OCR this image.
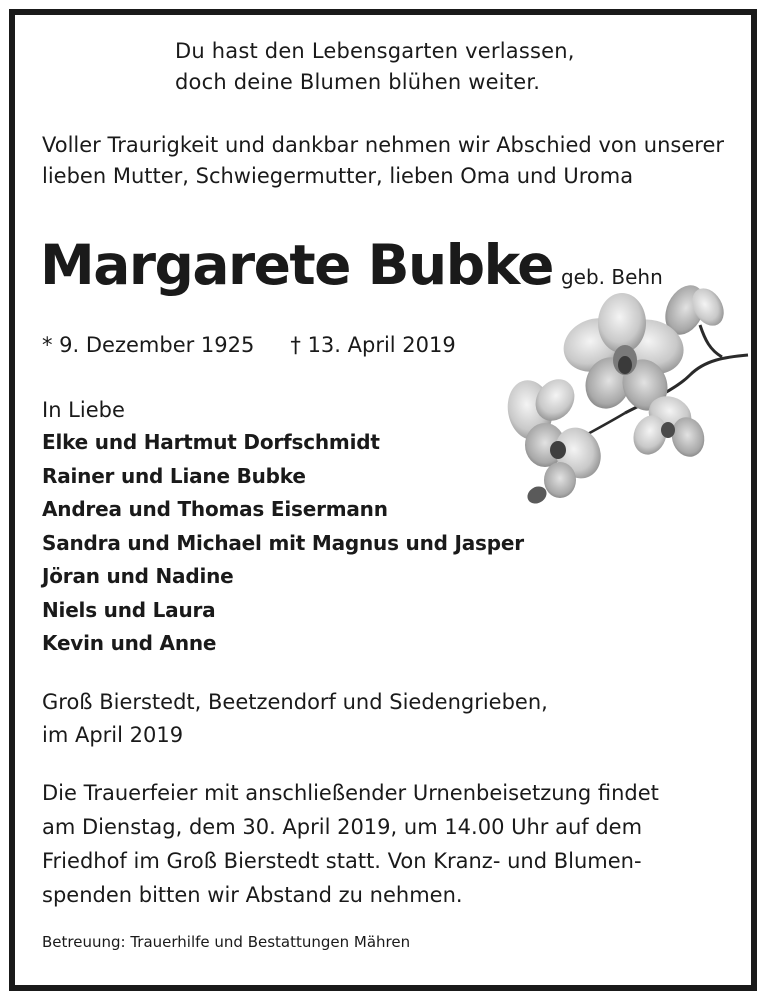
Du hast den Lebensgarten verlassen,
doch deine Blumen blühen weiter.
Voller Traurigkeit und dankbar nehmen wir Abschied von unserer lieben Mutter, Schwiegermutter, lieben Oma und Uroma
Margarete Bubke geb. Behn
* 9. Dezember 1925 † 13. April 2019
In Liebe
Elke und Hartmut Dorfschmidt
Rainer und Liane Bubke
Andrea und Thomas Eisermann
Sandra und Michael mit Magnus und Jasper
Jöran und Nadine
Niels und Laura
Kevin und Anne
Groß Bierstedt, Beetzendorf und Siedengrieben,
im April 2019
Die Trauerfeier mit anschließender Urnenbeisetzung findet
am Dienstag, dem 30. April 2019, um 14.00 Uhr auf dem
Friedhof im Groß Bierstedt statt. Von Kranz- und Blumen-
spenden bitten wir Abstand zu nehmen.
Betreuung: Trauerhilfe und Bestattungen Mähren
